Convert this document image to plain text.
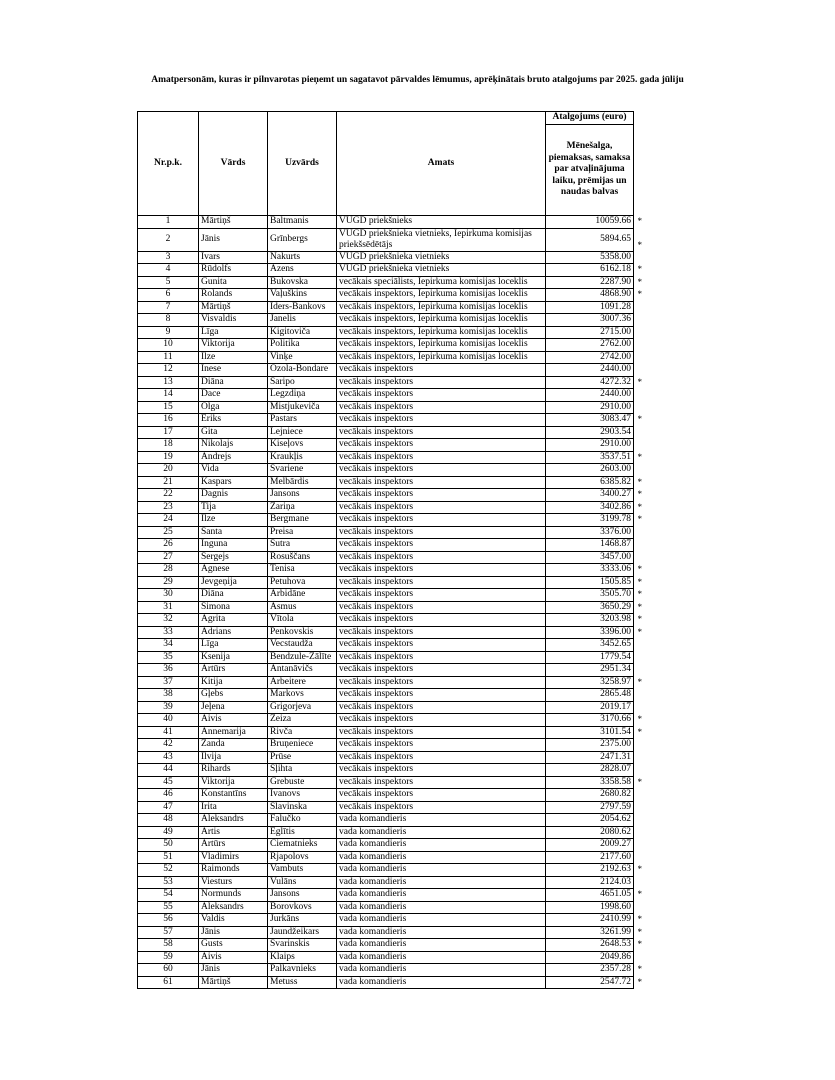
Amatpersonām, kuras ir pilnvarotas pieņemt un sagatavot pārvaldes lēmumus, aprēķinātais bruto atalgojums par 2025. gada jūliju
Nr.p.k.	Vārds	Uzvārds	Amats	Atalgojums (euro)
				Mēnešalga, piemaksas, samaksa par atvaļinājuma laiku, prēmijas un naudas balvas
1	Mārtiņš	Baltmanis	VUGD priekšnieks	10059.66 *

2	Jānis	Grīnbergs	VUGD priekšnieka vietnieks, Iepirkuma komisijas priekšsēdētājs	5894.65
*

3	Ivars	Nakurts	VUGD priekšnieka vietnieks	5358.00

4	Rūdolfs	Āzens	VUGD priekšnieka vietnieks	6162.18 *

5	Gunita	Bukovska	vecākais speciālists, Iepirkuma komisijas loceklis	2287.90 *

6	Rolands	Vaļuškins	vecākais inspektors, Iepirkuma komisijas loceklis	4868.90 *

7	Mārtiņš	Iders-Bankovs	vecākais inspektors, Iepirkuma komisijas loceklis	1091.28

8	Visvaldis	Janelis	vecākais inspektors, Iepirkuma komisijas loceklis	3007.36

9	Līga	Kigitoviča	vecākais inspektors, Iepirkuma komisijas loceklis	2715.00

10	Viktorija	Politika	vecākais inspektors, Iepirkuma komisijas loceklis	2762.00

11	Ilze	Vinķe	vecākais inspektors, Iepirkuma komisijas loceklis	2742.00

12	Inese	Ozola-Bondare	vecākais inspektors	2440.00

13	Diāna	Šaripo	vecākais inspektors	4272.32 *

14	Dace	Legzdiņa	vecākais inspektors	2440.00

15	Olga	Mistjukeviča	vecākais inspektors	2910.00

16	Ēriks	Pastars	vecākais inspektors	3083.47 *

17	Gita	Lejniece	vecākais inspektors	2903.54

18	Nikolajs	Kiseļovs	vecākais inspektors	2910.00

19	Andrejs	Kraukļis	vecākais inspektors	3537.51 *

20	Vida	Švariene	vecākais inspektors	2603.00

21	Kaspars	Melbārdis	vecākais inspektors	6385.82 *

22	Dagnis	Jansons	vecākais inspektors	3400.27 *

23	Tija	Zariņa	vecākais inspektors	3402.86 *

24	Ilze	Bergmane	vecākais inspektors	3199.78 *

25	Santa	Preisa	vecākais inspektors	3376.00

26	Inguna	Sutra	vecākais inspektors	1468.87

27	Sergejs	Rosuščans	vecākais inspektors	3457.00

28	Agnese	Tenisa	vecākais inspektors	3333.06 *

29	Jevgeņija	Petuhova	vecākais inspektors	1505.85 *

30	Diāna	Arbidāne	vecākais inspektors	3505.70 *

31	Simona	Asmus	vecākais inspektors	3650.29 *

32	Agrita	Vītola	vecākais inspektors	3203.98 *

33	Adrians	Penkovskis	vecākais inspektors	3396.00 *

34	Līga	Vecstaudža	vecākais inspektors	3452.65

35	Ksenija	Bendzule-Zālīte	vecākais inspektors	1779.54

36	Artūrs	Antanāvičs	vecākais inspektors	2951.34

37	Kitija	Arbeitere	vecākais inspektors	3258.97 *

38	Gļebs	Markovs	vecākais inspektors	2865.48

39	Jeļena	Grigorjeva	vecākais inspektors	2019.17

40	Aivis	Zeiza	vecākais inspektors	3170.66 *

41	Annemarija	Rivča	vecākais inspektors	3101.54 *

42	Zanda	Bruņeniece	vecākais inspektors	2375.00

43	Ilvija	Prūse	vecākais inspektors	2471.31

44	Rihards	Šļihta	vecākais inspektors	2828.07

45	Viktorija	Grebuste	vecākais inspektors	3358.58 *

46	Konstantīns	Ivanovs	vecākais inspektors	2680.82

47	Irita	Slavinska	vecākais inspektors	2797.59

48	Aleksandrs	Falučko	vada komandieris	2054.62

49	Artis	Eglītis	vada komandieris	2080.62

50	Artūrs	Ciematnieks	vada komandieris	2009.27

51	Vladimirs	Rjapolovs	vada komandieris	2177.60

52	Raimonds	Vambuts	vada komandieris	2192.63 *

53	Viesturs	Vulāns	vada komandieris	2124.03

54	Normunds	Jansons	vada komandieris	4651.05 *

55	Aleksandrs	Borovkovs	vada komandieris	1998.60

56	Valdis	Jurkāns	vada komandieris	2410.99 *

57	Jānis	Jaundžeikars	vada komandieris	3261.99 *

58	Gusts	Svarinskis	vada komandieris	2648.53 *

59	Aivis	Klaips	vada komandieris	2049.86

60	Jānis	Palkavnieks	vada komandieris	2357.28 *

61	Mārtiņš	Metuss	vada komandieris	2547.72 *
